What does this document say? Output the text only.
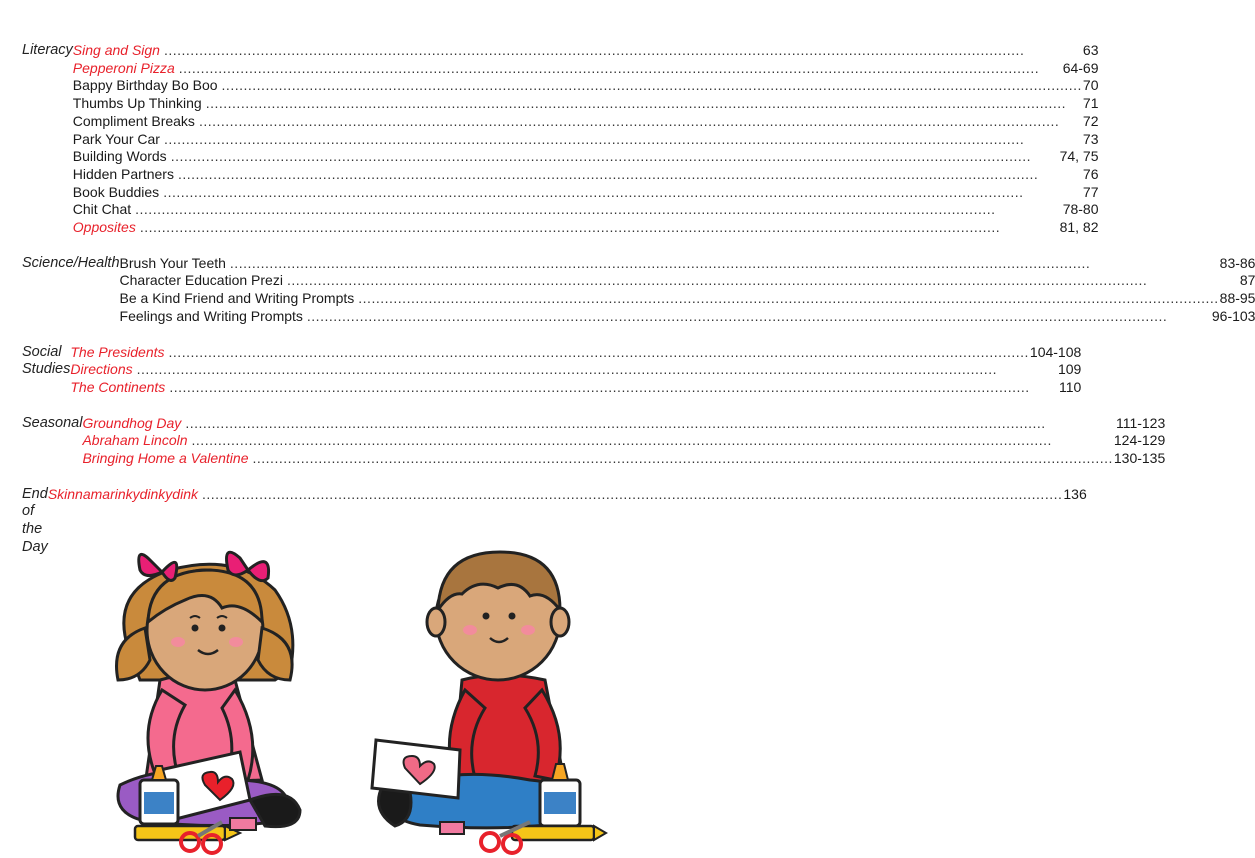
Literacy Sing and Sign .....	63
Pepperoni Pizza .....	64-69
Bappy Birthday Bo Boo .....	70
Thumbs Up Thinking .....	71
Compliment Breaks .....	72
Park Your Car .....	73
Building Words .....	74, 75
Hidden Partners .....	76
Book Buddies .....	77
Chit Chat .....	78-80
Opposites .....	81, 82
Science/Health Brush Your Teeth .....	83-86
Character Education Prezi .....	87
Be a Kind Friend and Writing Prompts .....	88-95
Feelings and Writing Prompts .....	96-103
Social Studies
The Presidents .....	104-108
Directions .....	109
The Continents .....	110
Seasonal Groundhog Day .....	111-123
Abraham Lincoln .....	124-129
Bringing Home a Valentine .....	130-135
End of the Day
Skinnamarinkydinkydink .....	136
